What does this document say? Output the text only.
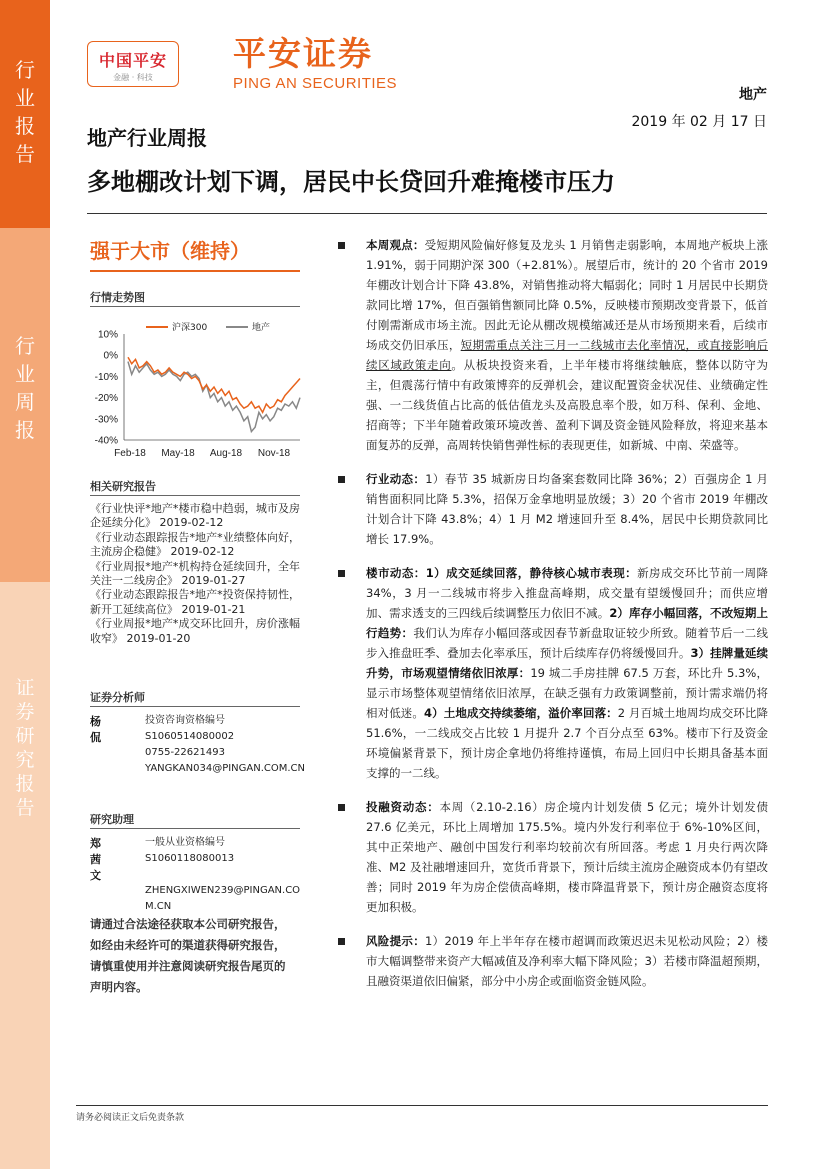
行
业
报
告
行
业
周
报
证
券
研
究
报
告
中国平安
金融 · 科技
平安证券
PING AN SECURITIES
地产
2019 年 02 月 17 日
地产行业周报
多地棚改计划下调，居民中长贷回升难掩楼市压力
强于大市（维持）
行情走势图
10%
0%
-10%
-20%
-30%
-40%
Feb-18 May-18 Aug-18 Nov-18
沪深300	地产
相关研究报告
《行业快评*地产*楼市稳中趋弱，城市及房企延续分化》 2019-02-12
《行业动态跟踪报告*地产*业绩整体向好，主流房企稳健》 2019-02-12
《行业周报*地产*机构持仓延续回升，全年关注一二线房企》 2019-01-27
《行业动态跟踪报告*地产*投资保持韧性，新开工延续高位》 2019-01-21
《行业周报*地产*成交环比回升，房价涨幅收窄》 2019-01-20
证券分析师
杨侃
投资咨询资格编号
S1060514080002
0755-22621493
YANGKAN034@PINGAN.COM.CN
研究助理
郑茜文
一般从业资格编号
S1060118080013
ZHENGXIWEN239@PINGAN.COM.CN
请通过合法途径获取本公司研究报告，如经由未经许可的渠道获得研究报告，请慎重使用并注意阅读研究报告尾页的声明内容。
本周观点：受短期风险偏好修复及龙头 1 月销售走弱影响，本周地产板块上涨 1.91%，弱于同期沪深 300（+2.81%）。展望后市，统计的 20 个省市 2019 年棚改计划合计下降 43.8%，对销售推动将大幅弱化；同时 1 月居民中长期贷款同比增 17%，但百强销售额同比降 0.5%，反映楼市预期改变背景下，低首付刚需渐成市场主流。因此无论从棚改规模缩减还是从市场预期来看，后续市场成交仍旧承压，短期需重点关注三月一二线城市去化率情况，或直接影响后续区域政策走向。从板块投资来看，上半年楼市将继续触底，整体以防守为主，但震荡行情中有政策博弈的反弹机会，建议配置资金状况佳、业绩确定性强、一二线货值占比高的低估值龙头及高股息率个股，如万科、保利、金地、招商等；下半年随着政策环境改善、盈利下调及资金链风险释放，将迎来基本面复苏的反弹，高周转快销售弹性标的表现更佳，如新城、中南、荣盛等。
行业动态：1）春节 35 城新房日均备案套数同比降 36%；2）百强房企 1 月销售面积同比降 5.3%，招保万金拿地明显放缓；3）20 个省市 2019 年棚改计划合计下降 43.8%；4）1 月 M2 增速回升至 8.4%，居民中长期贷款同比增长 17.9%。
楼市动态：1）成交延续回落，静待核心城市表现：新房成交环比节前一周降 34%，3 月一二线城市将步入推盘高峰期，成交量有望缓慢回升；而供应增加、需求透支的三四线后续调整压力依旧不减。2）库存小幅回落，不改短期上行趋势：我们认为库存小幅回落或因春节新盘取证较少所致。随着节后一二线步入推盘旺季、叠加去化率承压，预计后续库存仍将缓慢回升。3）挂牌量延续升势，市场观望情绪依旧浓厚：19 城二手房挂牌 67.5 万套，环比升 5.3%，显示市场整体观望情绪依旧浓厚，在缺乏强有力政策调整前，预计需求端仍将相对低迷。4）土地成交持续萎缩，溢价率回落：2 月百城土地周均成交环比降 51.6%，一二线成交占比较 1 月提升 2.7 个百分点至 63%。楼市下行及资金环境偏紧背景下，预计房企拿地仍将维持谨慎，布局上回归中长期具备基本面支撑的一二线。
投融资动态：本周（2.10-2.16）房企境内计划发债 5 亿元；境外计划发债 27.6 亿美元，环比上周增加 175.5%。境内外发行利率位于 6%-10%区间，其中正荣地产、融创中国发行利率均较前次有所回落。考虑 1 月央行两次降准、M2 及社融增速回升，宽货币背景下，预计后续主流房企融资成本仍有望改善；同时 2019 年为房企偿债高峰期，楼市降温背景下，预计房企融资态度将更加积极。
风险提示：1）2019 年上半年存在楼市超调而政策迟迟未见松动风险；2）楼市大幅调整带来资产大幅减值及净利率大幅下降风险；3）若楼市降温超预期，且融资渠道依旧偏紧，部分中小房企或面临资金链风险。
请务必阅读正文后免责条款
